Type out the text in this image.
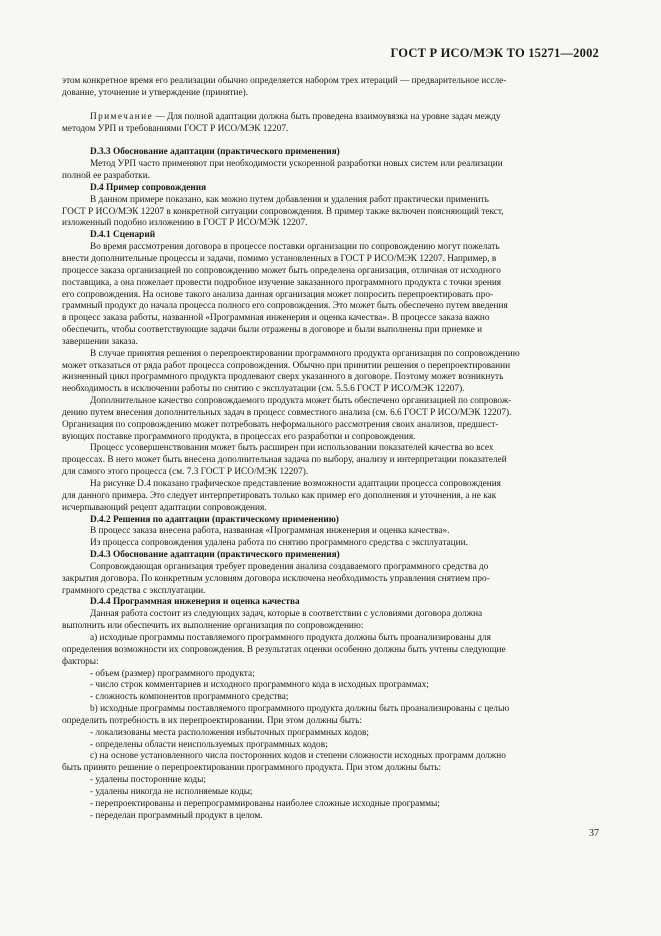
ГОСТ Р ИСО/МЭК ТО 15271—2002

этом конкретное время его реализации обычно определяется набором трех итераций — предварительное иссле-

дование, уточнение и утверждение (принятие).

Примечание — Для полной адаптации должна быть проведена взаимоувязка на уровне задач между

методом УРП и требованиями ГОСТ Р ИСО/МЭК 12207.

D.3.3 Обоснование адаптации (практического применения)

Метод УРП часто применяют при необходимости ускоренной разработки новых систем или реализации

полной ее разработки.

D.4 Пример сопровождения

В данном примере показано, как можно путем добавления и удаления работ практически применить

ГОСТ Р ИСО/МЭК 12207 в конкретной ситуации сопровождения. В пример также включен поясняющий текст,

изложенный подобно изложению в ГОСТ Р ИСО/МЭК 12207.

D.4.1 Сценарий

Во время рассмотрения договора в процессе поставки организации по сопровождению могут пожелать

внести дополнительные процессы и задачи, помимо установленных в ГОСТ Р ИСО/МЭК 12207. Например, в

процессе заказа организацией по сопровождению может быть определена организация, отличная от исходного

поставщика, а она пожелает провести подробное изучение заказанного программного продукта с точки зрения

его сопровождения. На основе такого анализа данная организация может попросить перепроектировать про-

граммный продукт до начала процесса полного его сопровождения. Это может быть обеспечено путем введения

в процесс заказа работы, названной «Программная инженерия и оценка качества». В процессе заказа важно

обеспечить, чтобы соответствующие задачи были отражены в договоре и были выполнены при приемке и

завершении заказа.

В случае принятия решения о перепроектировании программного продукта организация по сопровождению

может отказаться от ряда работ процесса сопровождения. Обычно при принятии решения о перепроектировании

жизненный цикл программного продукта продлевают сверх указанного в договоре. Поэтому может возникнуть

необходимость в исключении работы по снятию с эксплуатации (см. 5.5.6 ГОСТ Р ИСО/МЭК 12207).

Дополнительное качество сопровождаемого продукта может быть обеспечено организацией по сопровож-

дению путем внесения дополнительных задач в процесс совместного анализа (см. 6.6 ГОСТ Р ИСО/МЭК 12207).

Организация по сопровождению может потребовать неформального рассмотрения своих анализов, предшест-

вующих поставке программного продукта, в процессах его разработки и сопровождения.

Процесс усовершенствования может быть расширен при использовании показателей качества во всех

процессах. В него может быть внесена дополнительная задача по выбору, анализу и интерпретации показателей

для самого этого процесса (см. 7.3 ГОСТ Р ИСО/МЭК 12207).

На рисунке D.4 показано графическое представление возможности адаптации процесса сопровождения

для данного примера. Это следует интерпретировать только как пример его дополнения и уточнения, а не как

исчерпывающий рецепт адаптации сопровождения.

D.4.2 Решения по адаптации (практическому применению)

В процесс заказа внесена работа, названная «Программная инженерия и оценка качества».

Из процесса сопровождения удалена работа по снятию программного средства с эксплуатации.

D.4.3 Обоснование адаптации (практического применения)

Сопровождающая организация требует проведения анализа создаваемого программного средства до

закрытия договора. По конкретным условиям договора исключена необходимость управления снятием про-

граммного средства с эксплуатации.

D.4.4 Программная инженерия и оценка качества

Данная работа состоит из следующих задач, которые в соответствии с условиями договора должна

выполнить или обеспечить их выполнение организация по сопровождению:

а) исходные программы поставляемого программного продукта должны быть проанализированы для

определения возможности их сопровождения. В результатах оценки особенно должны быть учтены следующие

факторы:

- объем (размер) программного продукта;

- число строк комментариев и исходного программного кода в исходных программах;

- сложность компонентов программного средства;

b) исходные программы поставляемого программного продукта должны быть проанализированы с целью

определить потребность в их перепроектировании. При этом должны быть:

- локализованы места расположения избыточных программных кодов;

- определены области неиспользуемых программных кодов;

с) на основе установленного числа посторонних кодов и степени сложности исходных программ должно

быть принято решение о перепроектировании программного продукта. При этом должны быть:

- удалены посторонние коды;

- удалены никогда не исполняемые коды;

- перепроектированы и перепрограммированы наиболее сложные исходные программы;

- переделан программный продукт в целом.

37
